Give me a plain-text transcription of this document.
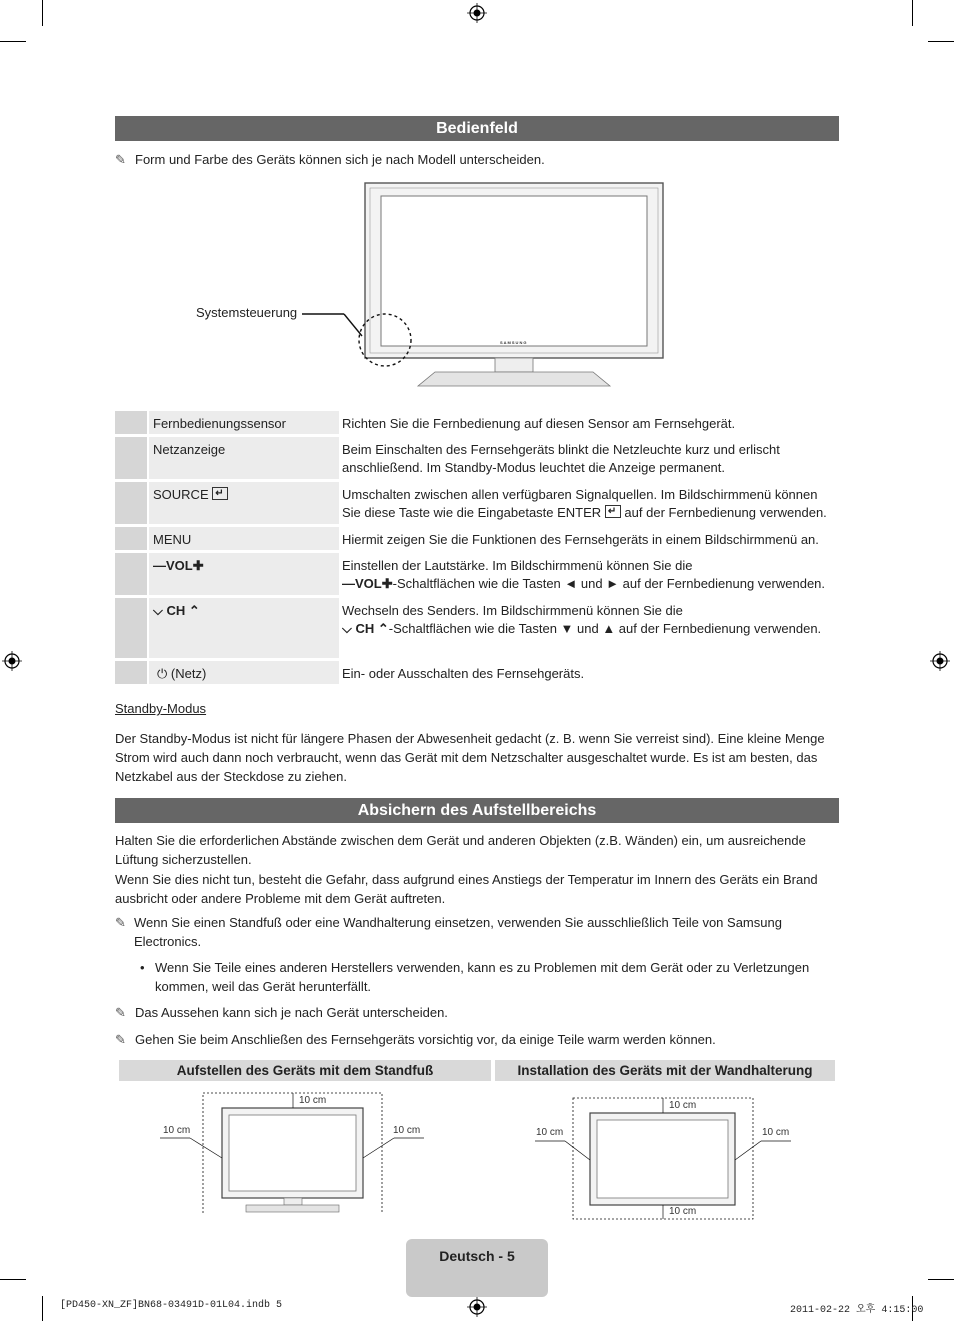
Bedienfeld
✎ Form und Farbe des Geräts können sich je nach Modell unterscheiden.
Systemsteuerung
SAMSUNG
Fernbedienungssensor	Richten Sie die Fernbedienung auf diesen Sensor am Fernsehgerät.
Netzanzeige	Beim Einschalten des Fernsehgeräts blinkt die Netzleuchte kurz und erlischt anschließend. Im Standby-Modus leuchtet die Anzeige permanent.
SOURCE ↵	Umschalten zwischen allen verfügbaren Signalquellen. Im Bildschirmmenü können Sie diese Taste wie die Eingabetaste ENTER ↵ auf der Fernbedienung verwenden.
MENU	Hiermit zeigen Sie die Funktionen des Fernsehgeräts in einem Bildschirmmenü an.
—VOL✚	Einstellen der Lautstärke. Im Bildschirmmenü können Sie die
—VOL✚-Schaltflächen wie die Tasten ◄ und ► auf der Fernbedienung verwenden.
⌵ CH ⌃	Wechseln des Senders. Im Bildschirmmenü können Sie die
⌵ CH ⌃-Schaltflächen wie die Tasten ▼ und ▲ auf der Fernbedienung verwenden.
⏻ (Netz)	Ein- oder Ausschalten des Fernsehgeräts.
Standby-Modus
Der Standby-Modus ist nicht für längere Phasen der Abwesenheit gedacht (z. B. wenn Sie verreist sind). Eine kleine Menge Strom wird auch dann noch verbraucht, wenn das Gerät mit dem Netzschalter ausgeschaltet wurde. Es ist am besten, das Netzkabel aus der Steckdose zu ziehen.
Absichern des Aufstellbereichs
Halten Sie die erforderlichen Abstände zwischen dem Gerät und anderen Objekten (z.B. Wänden) ein, um ausreichende Lüftung sicherzustellen.
Wenn Sie dies nicht tun, besteht die Gefahr, dass aufgrund eines Anstiegs der Temperatur im Innern des Geräts ein Brand ausbricht oder andere Probleme mit dem Gerät auftreten.
✎ Wenn Sie einen Standfuß oder eine Wandhalterung einsetzen, verwenden Sie ausschließlich Teile von Samsung Electronics.
• Wenn Sie Teile eines anderen Herstellers verwenden, kann es zu Problemen mit dem Gerät oder zu Verletzungen kommen, weil das Gerät herunterfällt.
✎ Das Aussehen kann sich je nach Gerät unterscheiden.
✎ Gehen Sie beim Anschließen des Fernsehgeräts vorsichtig vor, da einige Teile warm werden können.
Aufstellen des Geräts mit dem Standfuß	Installation des Geräts mit der Wandhalterung
10 cm
10 cm	10 cm
10 cm
10 cm	10 cm
10 cm
Deutsch - 5
[PD450-XN_ZF]BN68-03491D-01L04.indb 5	2011-02-22 오후 4:15:00
